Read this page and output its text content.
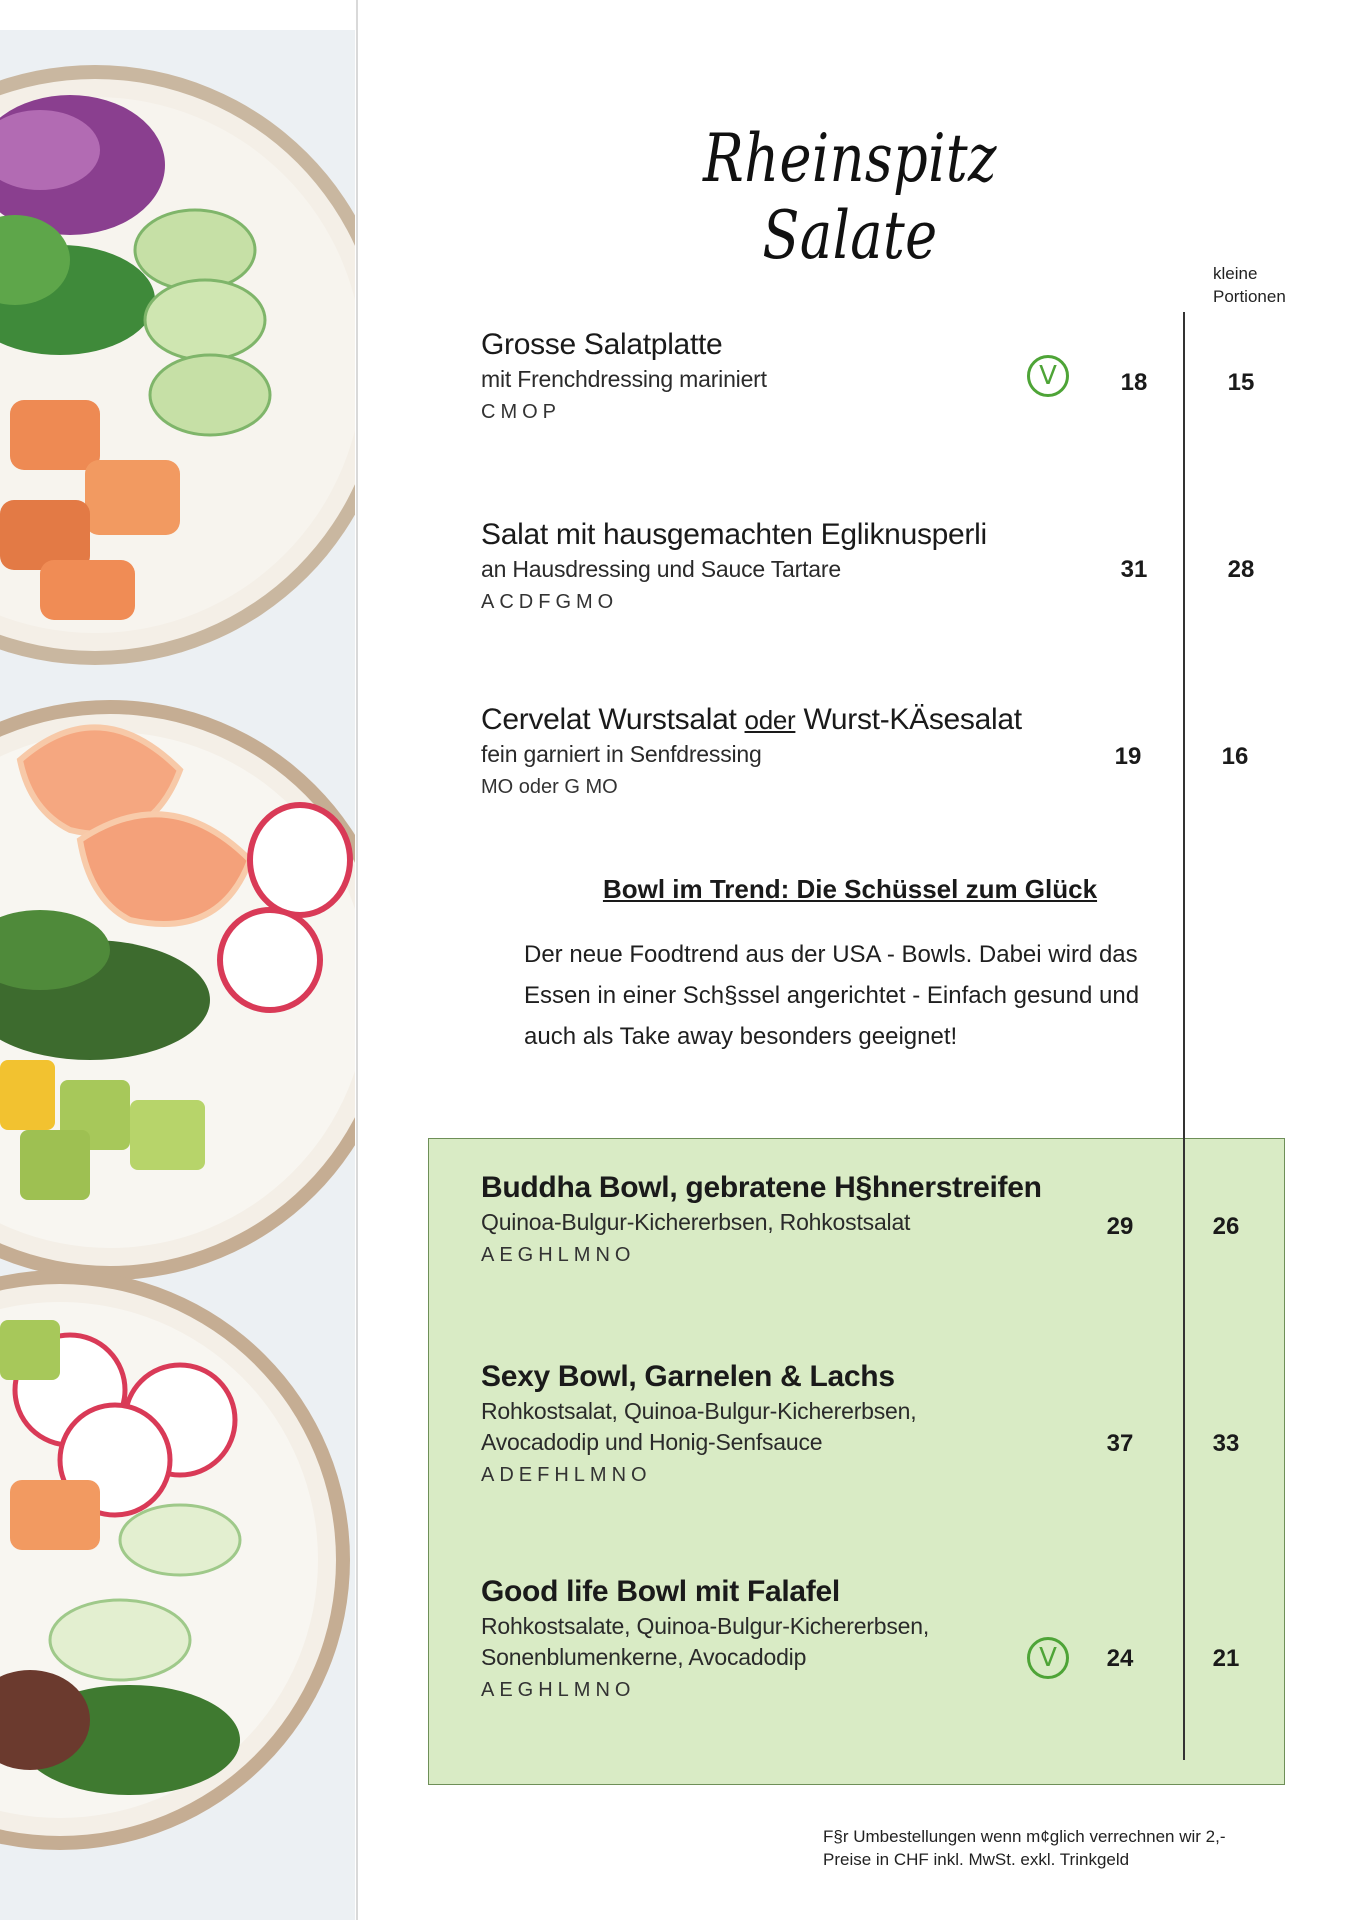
Rheinspitz Salate	kleine
Portionen
Grosse Salatplatte
mit Frenchdressing mariniert
CMOP
V	18	15
Salat mit hausgemachten Egliknusperli
an Hausdressing und Sauce Tartare
ACDFGMO
31	28
Cervelat Wurstsalat oder Wurst-KÄsesalat
fein garniert in Senfdressing
MO oder G MO
19	16
Bowl im Trend: Die Schüssel zum Glück
Der neue Foodtrend aus der USA - Bowls. Dabei wird das Essen in einer Sch§ssel angerichtet - Einfach gesund und auch als Take away besonders geeignet!
Buddha Bowl, gebratene H§hnerstreifen
Quinoa-Bulgur-Kichererbsen, Rohkostsalat
AEGHLMNO
29	26
Sexy Bowl, Garnelen & Lachs
Rohkostsalat, Quinoa-Bulgur-Kichererbsen,
Avocadodip und Honig-Senfsauce
ADEFHLMNO
37	33
Good life Bowl mit Falafel
Rohkostsalate, Quinoa-Bulgur-Kichererbsen,
Sonenblumenkerne, Avocadodip
AEGHLMNO
V	24	21
F§r Umbestellungen wenn m¢glich verrechnen wir 2,-
Preise in CHF inkl. MwSt. exkl. Trinkgeld
